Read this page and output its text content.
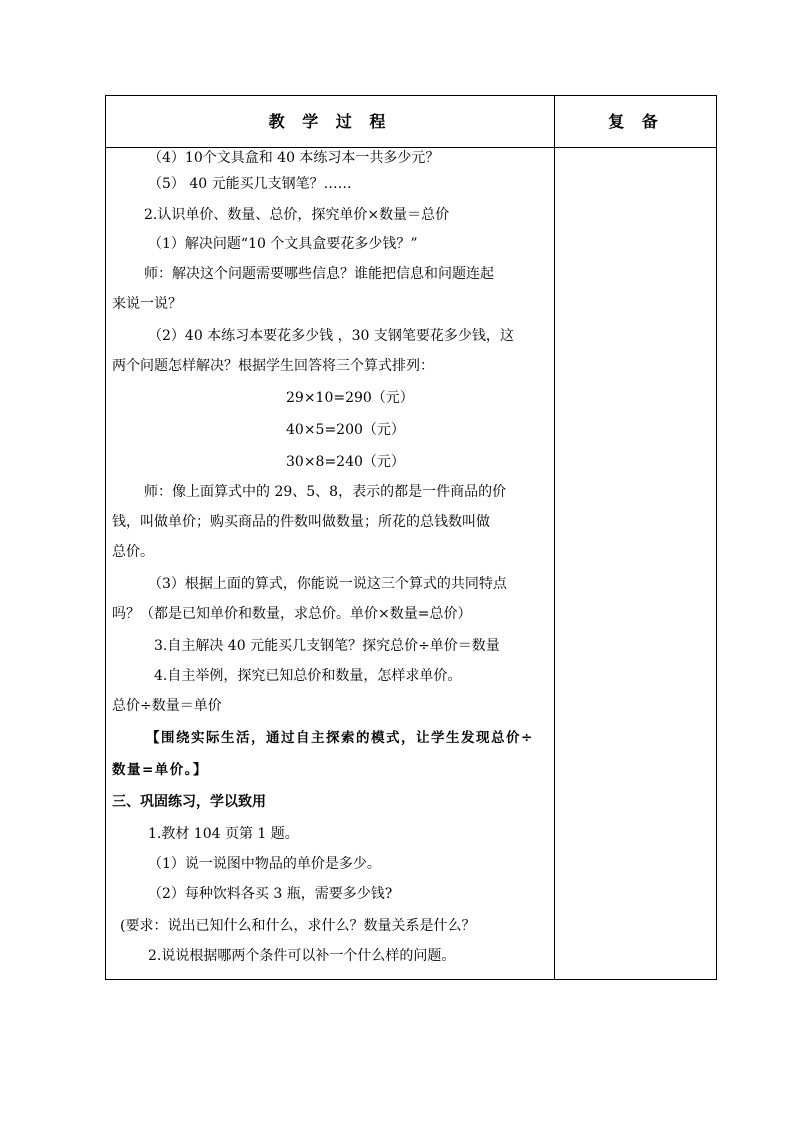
教 学 过 程	复 备
（4）10个文具盒和 40 本练习本一共多少元？
（5） 40 元能买几支钢笔？……
2.认识单价、数量、总价，探究单价×数量＝总价
（1）解决问题“10 个文具盒要花多少钱？”
师：解决这个问题需要哪些信息？谁能把信息和问题连起
来说一说？
（2）40 本练习本要花多少钱 ，30 支钢笔要花多少钱，这
两个问题怎样解决？根据学生回答将三个算式排列：
29×10=290（元）
40×5=200（元）
30×8=240（元）
师：像上面算式中的 29、5、8，表示的都是一件商品的价
钱，叫做单价；购买商品的件数叫做数量；所花的总钱数叫做
总价。
（3）根据上面的算式，你能说一说这三个算式的共同特点
吗？（都是已知单价和数量，求总价。单价×数量=总价）
3.自主解决 40 元能买几支钢笔？探究总价÷单价＝数量
4.自主举例，探究已知总价和数量，怎样求单价。
总价÷数量＝单价
【围绕实际生活，通过自主探索的模式，让学生发现总价÷
数量=单价。】
三、巩固练习，学以致用
1.教材 104 页第 1 题。
（1）说一说图中物品的单价是多少。
（2）每种饮料各买 3 瓶，需要多少钱?
(要求：说出已知什么和什么，求什么？数量关系是什么？
2.说说根据哪两个条件可以补一个什么样的问题。
